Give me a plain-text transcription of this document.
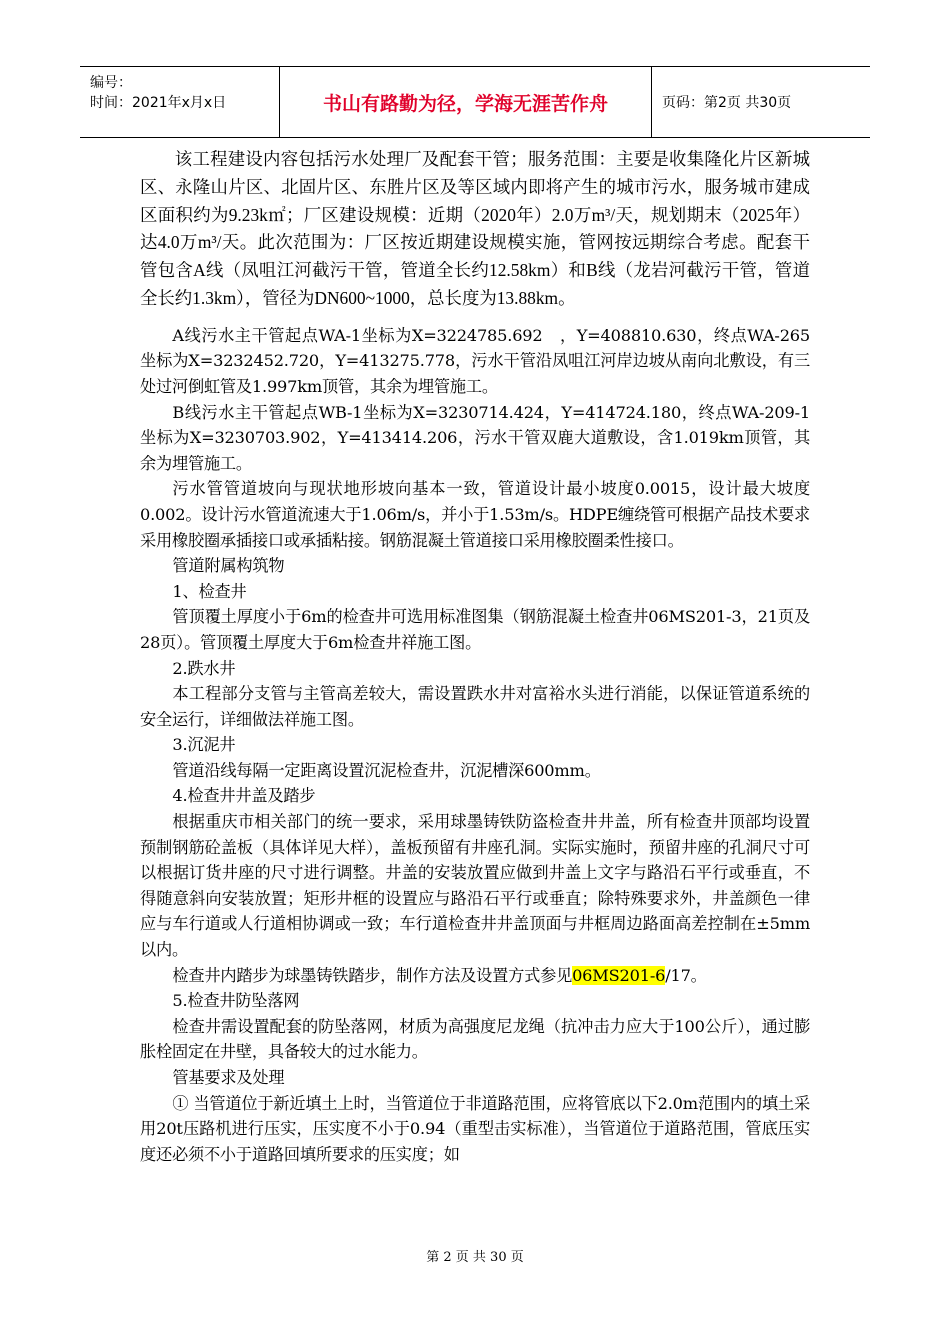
编号：
时间：2021年x月x日	书山有路勤为径，学海无涯苦作舟	页码：第2页 共30页

该工程建设内容包括污水处理厂及配套干管；服务范围：主要是收集隆化片区新城区、永隆山片区、北固片区、东胜片区及等区域内即将产生的城市污水，服务城市建成区面积约为9.23k㎡；厂区建设规模：近期（2020年）2.0万m³/天，规划期末（2025年）达4.0万m³/天。此次范围为：厂区按近期建设规模实施，管网按远期综合考虑。配套干管包含A线（凤咀江河截污干管，管道全长约12.58km）和B线（龙岩河截污干管，管道全长约1.3km），管径为DN600~1000，总长度为13.88km。

A线污水主干管起点WA-1坐标为X=3224785.692　，Y=408810.630，终点WA-265坐标为X=3232452.720，Y=413275.778，污水干管沿凤咀江河岸边坡从南向北敷设，有三处过河倒虹管及1.997km顶管，其余为埋管施工。

B线污水主干管起点WB-1坐标为X=3230714.424，Y=414724.180，终点WA-209-1坐标为X=3230703.902，Y=413414.206，污水干管双鹿大道敷设，含1.019km顶管，其余为埋管施工。

污水管管道坡向与现状地形坡向基本一致，管道设计最小坡度0.0015，设计最大坡度0.002。设计污水管道流速大于1.06m/s，并小于1.53m/s。HDPE缠绕管可根据产品技术要求采用橡胶圈承插接口或承插粘接。钢筋混凝土管道接口采用橡胶圈柔性接口。

管道附属构筑物

1、检查井

管顶覆土厚度小于6m的检查井可选用标准图集（钢筋混凝土检查井06MS201-3，21页及28页）。管顶覆土厚度大于6m检查井祥施工图。

2.跌水井

本工程部分支管与主管高差较大，需设置跌水井对富裕水头进行消能，以保证管道系统的安全运行，详细做法祥施工图。

3.沉泥井

管道沿线每隔一定距离设置沉泥检查井，沉泥槽深600mm。

4.检查井井盖及踏步

根据重庆市相关部门的统一要求，采用球墨铸铁防盗检查井井盖，所有检查井顶部均设置预制钢筋砼盖板（具体详见大样），盖板预留有井座孔洞。实际实施时，预留井座的孔洞尺寸可以根据订货井座的尺寸进行调整。井盖的安装放置应做到井盖上文字与路沿石平行或垂直，不得随意斜向安装放置；矩形井框的设置应与路沿石平行或垂直；除特殊要求外，井盖颜色一律应与车行道或人行道相协调或一致；车行道检查井井盖顶面与井框周边路面高差控制在±5mm以内。

检查井内踏步为球墨铸铁踏步，制作方法及设置方式参见06MS201-6/17。

5.检查井防坠落网

检查井需设置配套的防坠落网，材质为高强度尼龙绳（抗冲击力应大于100公斤），通过膨胀栓固定在井壁，具备较大的过水能力。

管基要求及处理

① 当管道位于新近填土上时，当管道位于非道路范围，应将管底以下2.0m范围内的填土采用20t压路机进行压实，压实度不小于0.94（重型击实标准），当管道位于道路范围，管底压实度还必须不小于道路回填所要求的压实度；如

第 2 页 共 30 页
